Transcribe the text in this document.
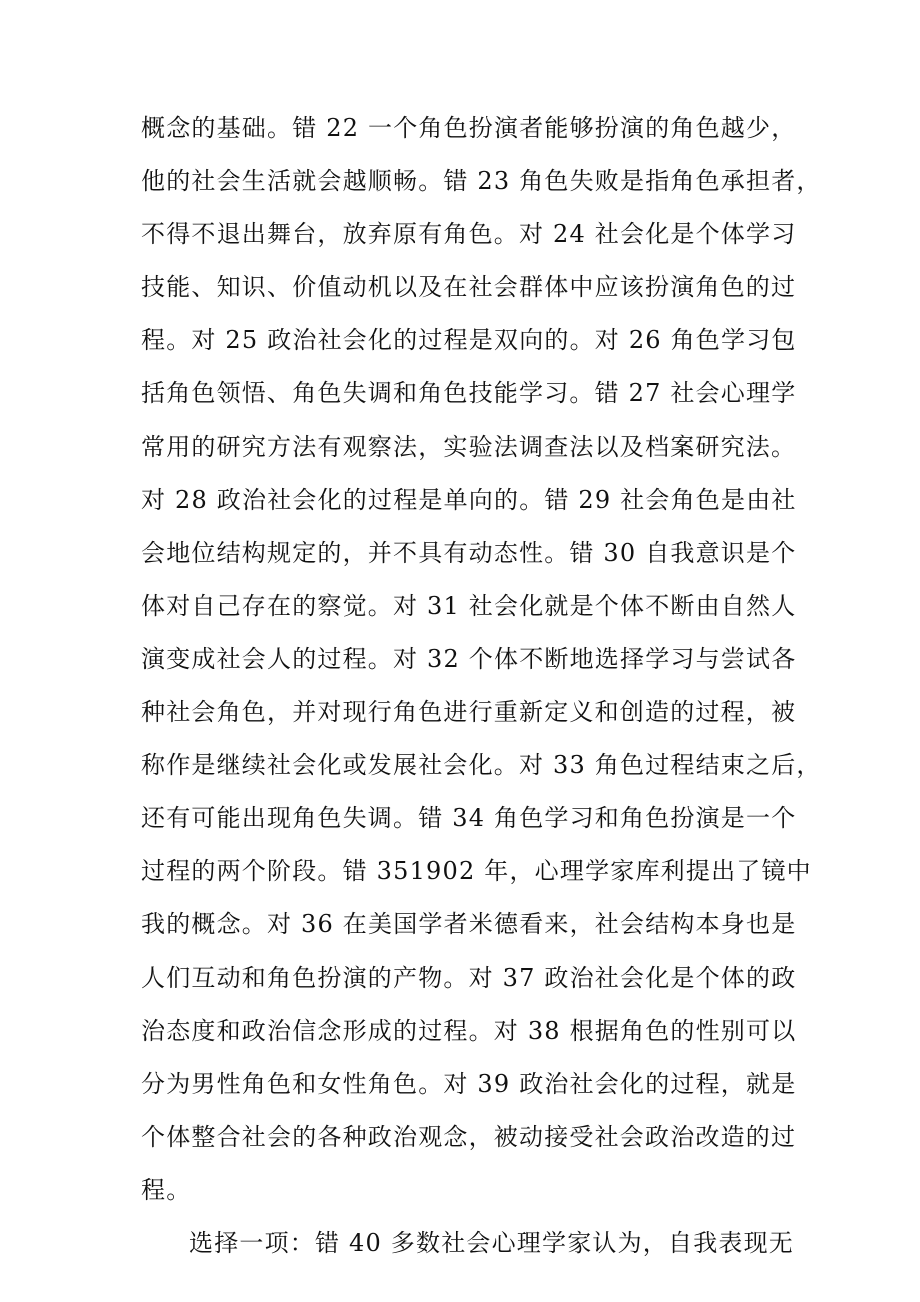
概念的基础。错 22 一个角色扮演者能够扮演的角色越少，
他的社会生活就会越顺畅。错 23 角色失败是指角色承担者，
不得不退出舞台，放弃原有角色。对 24 社会化是个体学习
技能、知识、价值动机以及在社会群体中应该扮演角色的过
程。对 25 政治社会化的过程是双向的。对 26 角色学习包
括角色领悟、角色失调和角色技能学习。错 27 社会心理学
常用的研究方法有观察法，实验法调查法以及档案研究法。
对 28 政治社会化的过程是单向的。错 29 社会角色是由社
会地位结构规定的，并不具有动态性。错 30 自我意识是个
体对自己存在的察觉。对 31 社会化就是个体不断由自然人
演变成社会人的过程。对 32 个体不断地选择学习与尝试各
种社会角色，并对现行角色进行重新定义和创造的过程，被
称作是继续社会化或发展社会化。对 33 角色过程结束之后，
还有可能出现角色失调。错 34 角色学习和角色扮演是一个
过程的两个阶段。错 351902 年，心理学家库利提出了镜中
我的概念。对 36 在美国学者米德看来，社会结构本身也是
人们互动和角色扮演的产物。对 37 政治社会化是个体的政
治态度和政治信念形成的过程。对 38 根据角色的性别可以
分为男性角色和女性角色。对 39 政治社会化的过程，就是
个体整合社会的各种政治观念，被动接受社会政治改造的过
程。
选择一项：错 40 多数社会心理学家认为，自我表现无
